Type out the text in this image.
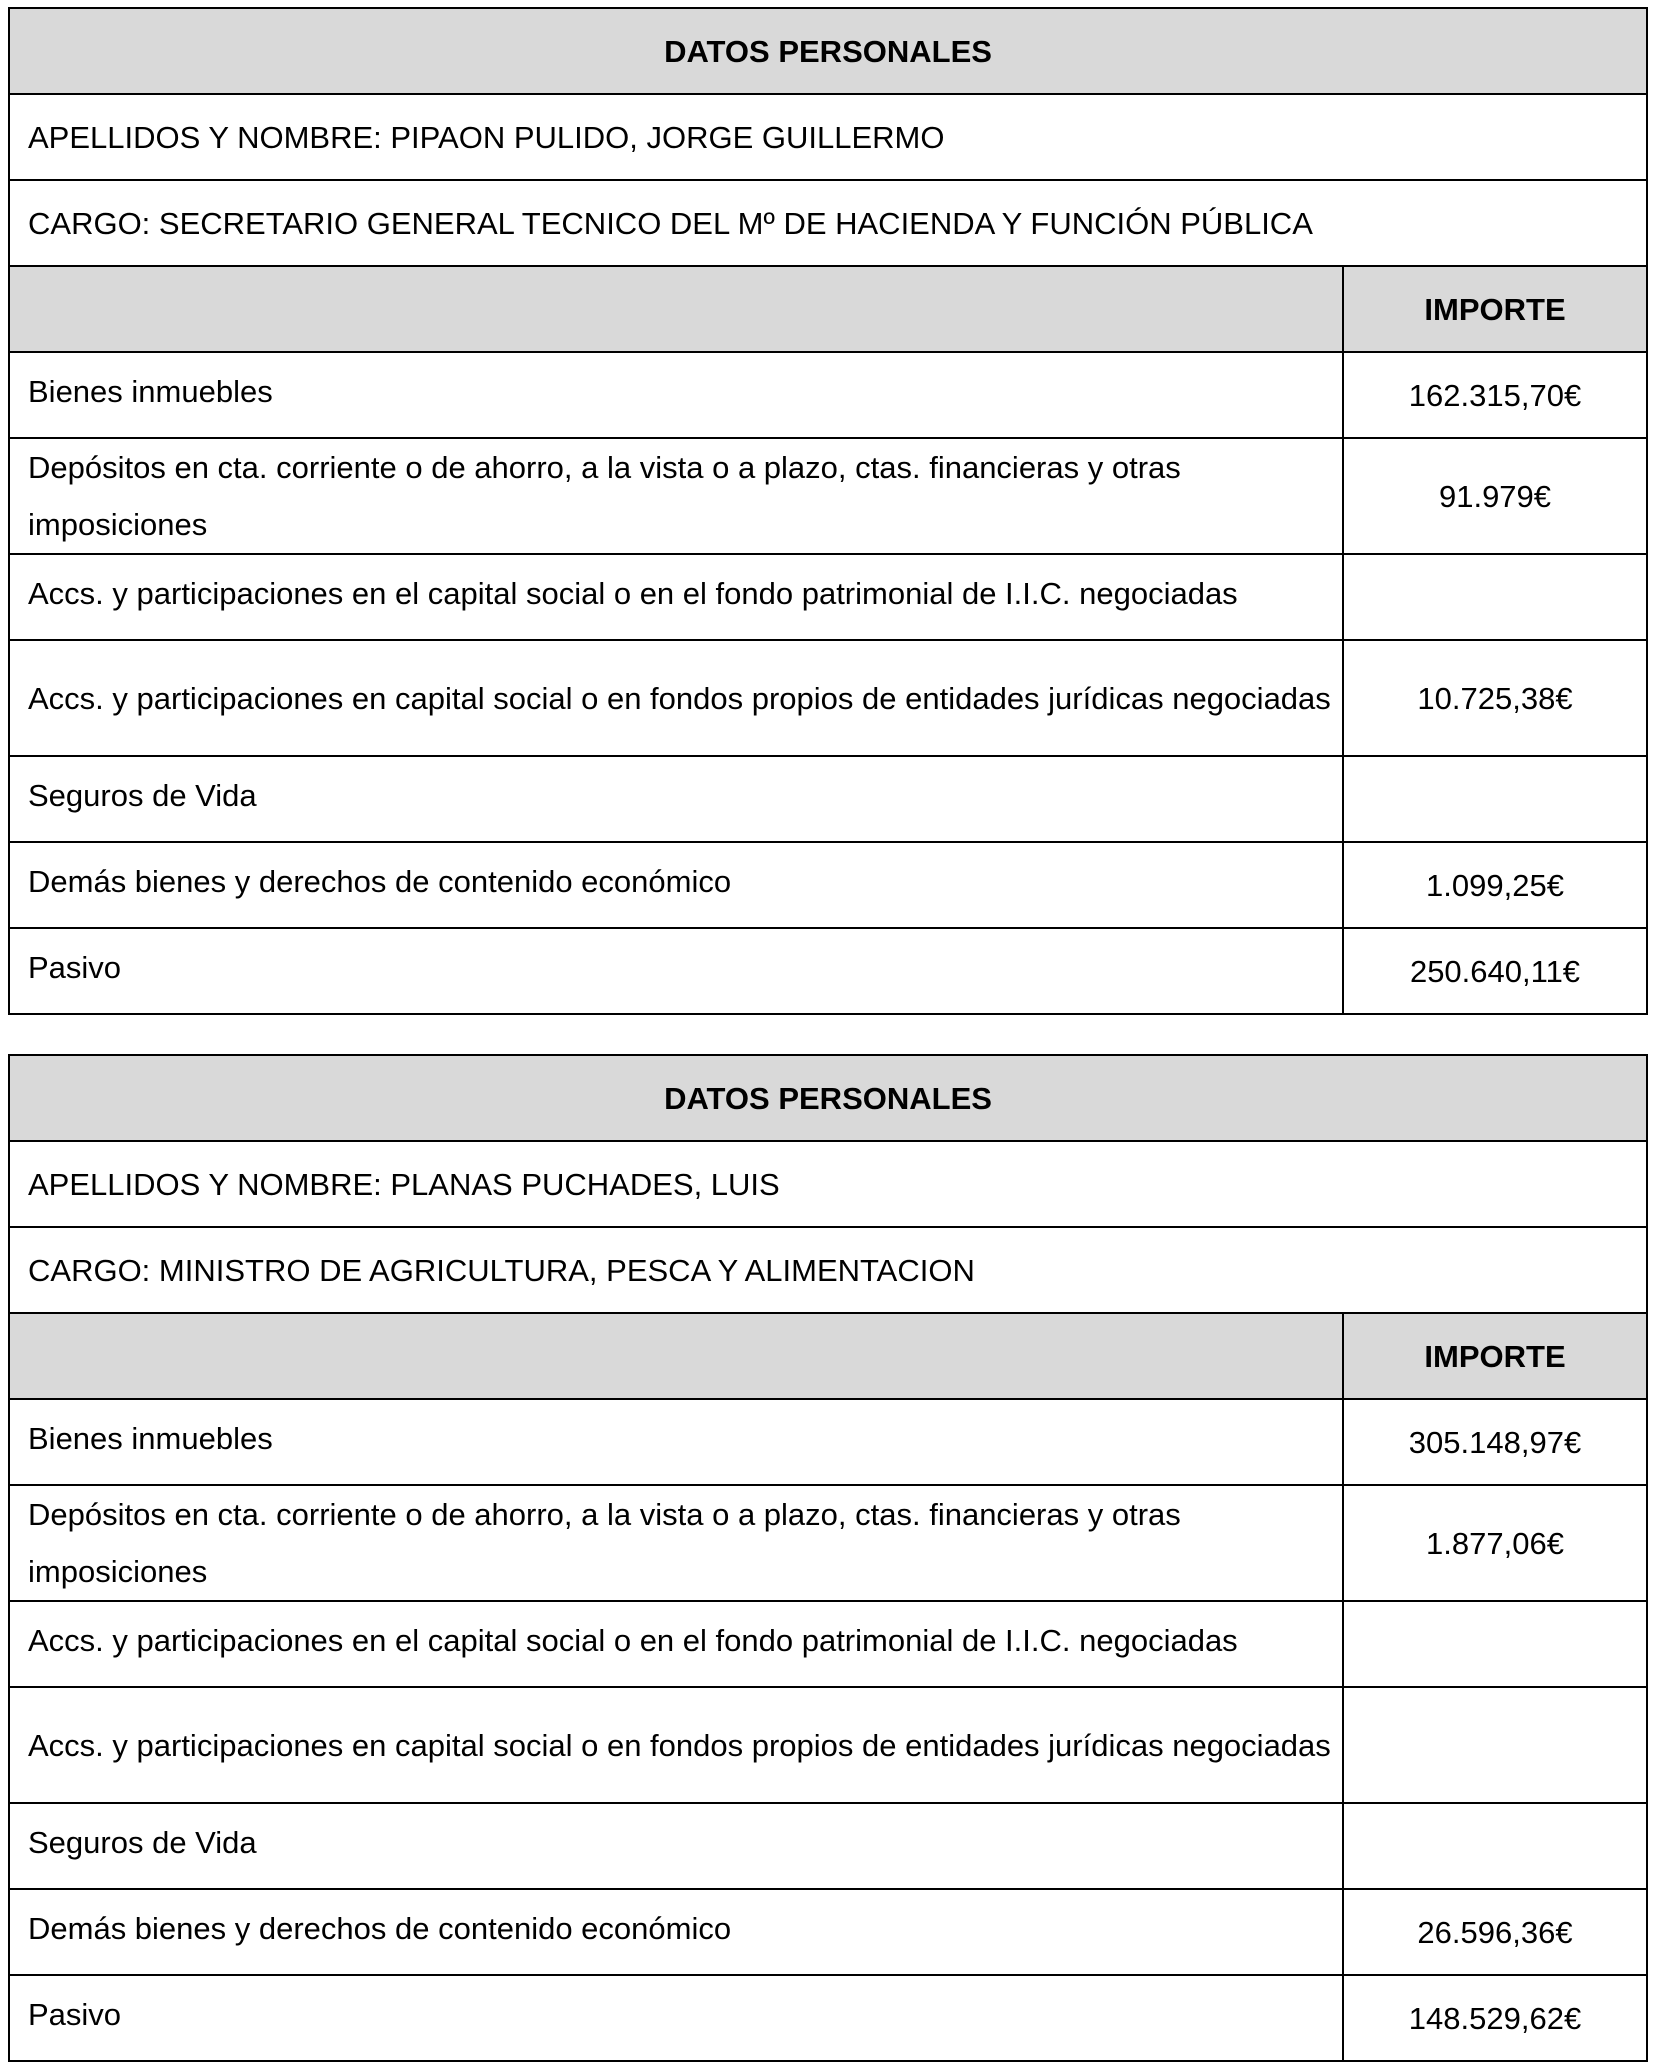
DATOS PERSONALES	
APELLIDOS Y NOMBRE: PIPAON PULIDO, JORGE GUILLERMO	
CARGO: SECRETARIO GENERAL TECNICO DEL Mº DE HACIENDA Y FUNCIÓN PÚBLICA	
	IMPORTE
Bienes inmuebles	162.315,70€
Depósitos en cta. corriente o de ahorro, a la vista o a plazo, ctas. financieras y otras imposiciones	91.979€
Accs. y participaciones en el capital social o en el fondo patrimonial de I.I.C. negociadas	
Accs. y participaciones en capital social o en fondos propios de entidades jurídicas negociadas	10.725,38€
Seguros de Vida	
Demás bienes y derechos de contenido económico	1.099,25€
Pasivo	250.640,11€
DATOS PERSONALES	
APELLIDOS Y NOMBRE: PLANAS PUCHADES, LUIS	
CARGO: MINISTRO DE AGRICULTURA, PESCA Y ALIMENTACION	
	IMPORTE
Bienes inmuebles	305.148,97€
Depósitos en cta. corriente o de ahorro, a la vista o a plazo, ctas. financieras y otras imposiciones	1.877,06€
Accs. y participaciones en el capital social o en el fondo patrimonial de I.I.C. negociadas	
Accs. y participaciones en capital social o en fondos propios de entidades jurídicas negociadas	
Seguros de Vida	
Demás bienes y derechos de contenido económico	26.596,36€
Pasivo	148.529,62€
